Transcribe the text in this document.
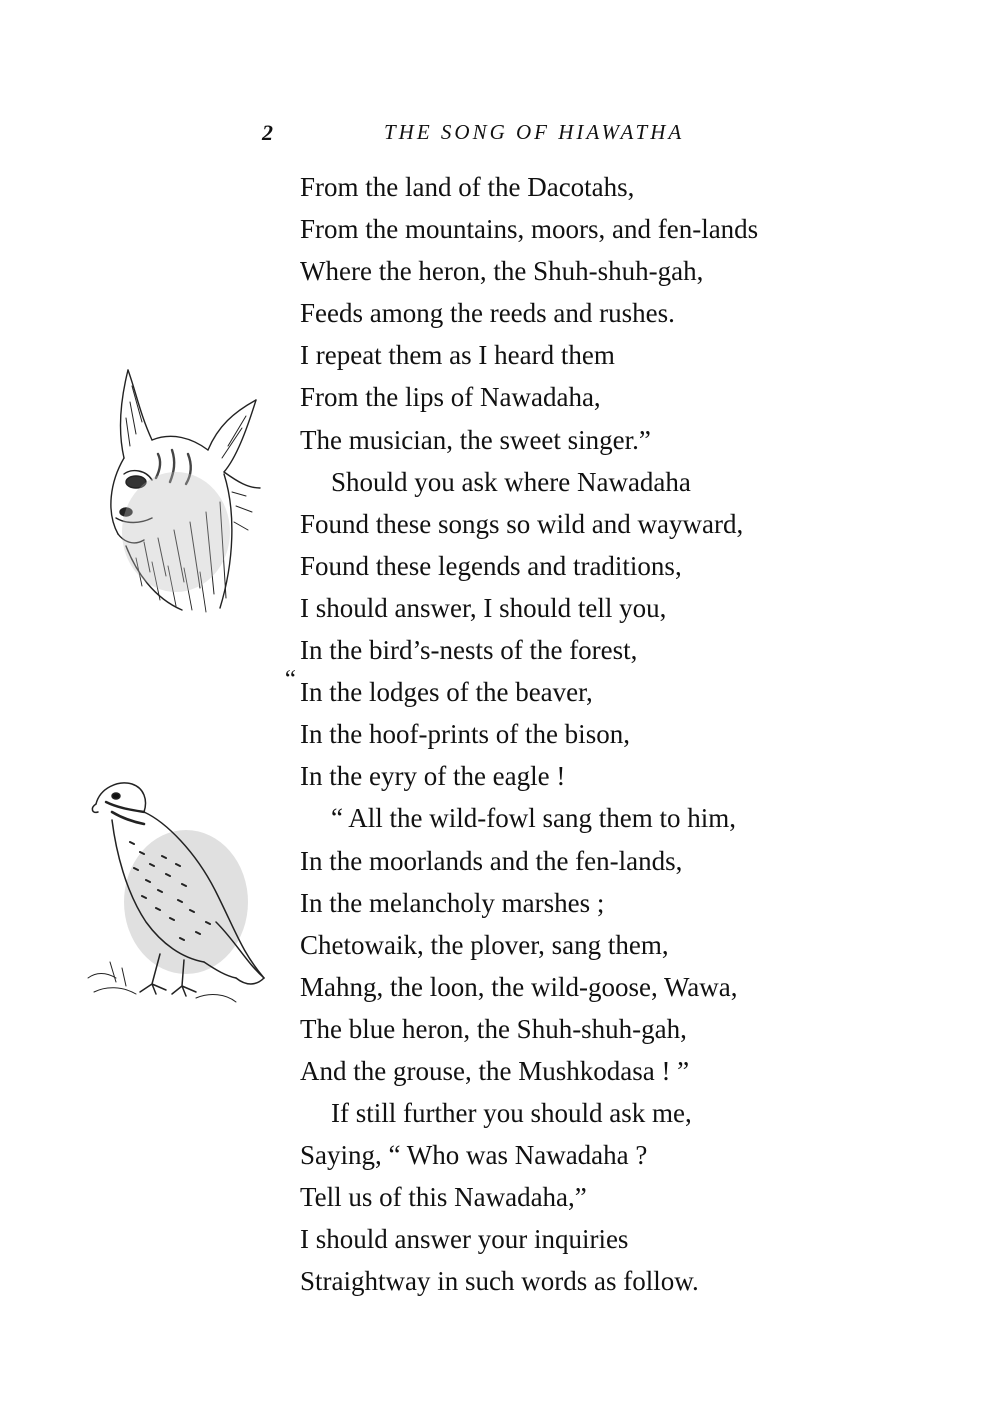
2	THE SONG OF HIAWATHA
From the land of the Dacotahs,
From the mountains, moors, and fen-lands
Where the heron, the Shuh-shuh-gah,
Feeds among the reeds and rushes.
I repeat them as I heard them
From the lips of Nawadaha,
The musician, the sweet singer.”
Should you ask where Nawadaha
Found these songs so wild and wayward,
Found these legends and traditions,
I should answer, I should tell you,
“
In the bird’s-nests of the forest,
In the lodges of the beaver,
In the hoof-prints of the bison,
In the eyry of the eagle !
“ All the wild-fowl sang them to him,
In the moorlands and the fen-lands,
In the melancholy marshes ;
Chetowaik, the plover, sang them,
Mahng, the loon, the wild-goose, Wawa,
The blue heron, the Shuh-shuh-gah,
And the grouse, the Mushkodasa ! ”
If still further you should ask me,
Saying, “ Who was Nawadaha ?
Tell us of this Nawadaha,”
I should answer your inquiries
Straightway in such words as follow.
